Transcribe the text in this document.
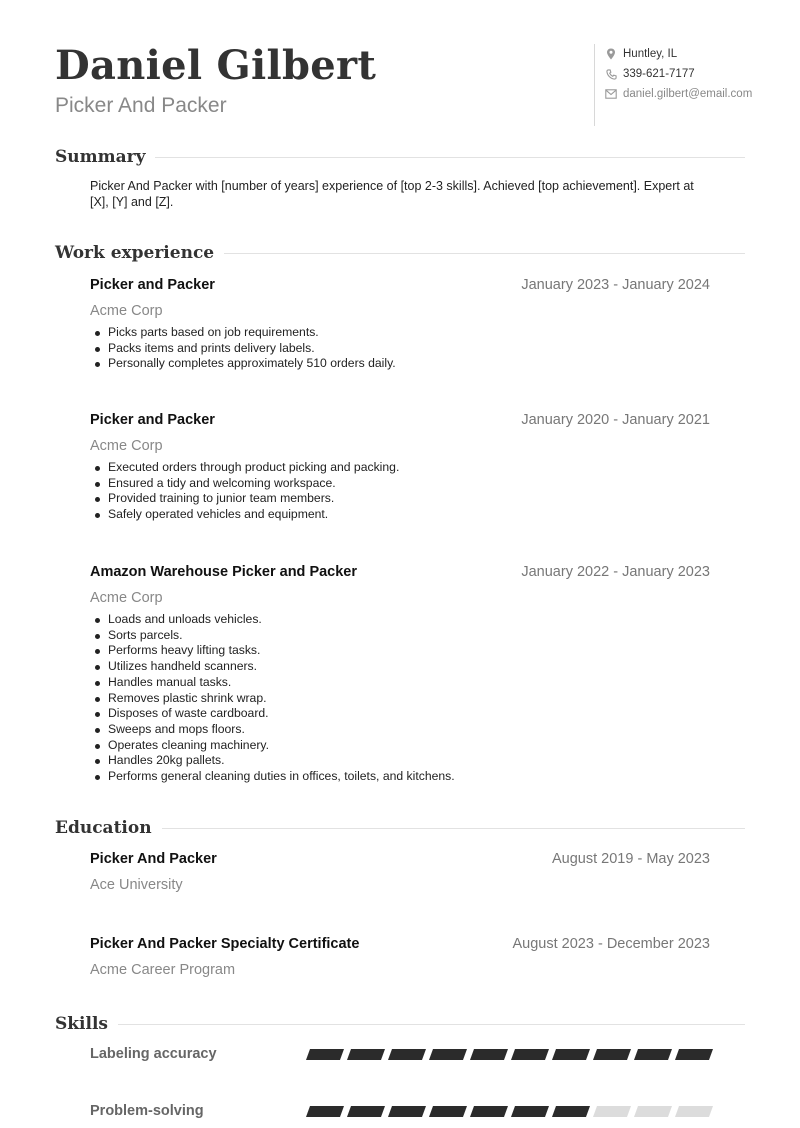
Daniel Gilbert
Picker And Packer
Huntley, IL
339-621-7177
daniel.gilbert@email.com
Summary
Picker And Packer with [number of years] experience of [top 2-3 skills]. Achieved [top achievement]. Expert at [X], [Y] and [Z].
Work experience
Picker and Packer	January 2023 - January 2024
Acme Corp
Picks parts based on job requirements.
Packs items and prints delivery labels.
Personally completes approximately 510 orders daily.
Picker and Packer	January 2020 - January 2021
Acme Corp
Executed orders through product picking and packing.
Ensured a tidy and welcoming workspace.
Provided training to junior team members.
Safely operated vehicles and equipment.
Amazon Warehouse Picker and Packer	January 2022 - January 2023
Acme Corp
Loads and unloads vehicles.
Sorts parcels.
Performs heavy lifting tasks.
Utilizes handheld scanners.
Handles manual tasks.
Removes plastic shrink wrap.
Disposes of waste cardboard.
Sweeps and mops floors.
Operates cleaning machinery.
Handles 20kg pallets.
Performs general cleaning duties in offices, toilets, and kitchens.
Education
Picker And Packer	August 2019 - May 2023
Ace University
Picker And Packer Specialty Certificate	August 2023 - December 2023
Acme Career Program
Skills
Labeling accuracy
Problem-solving
